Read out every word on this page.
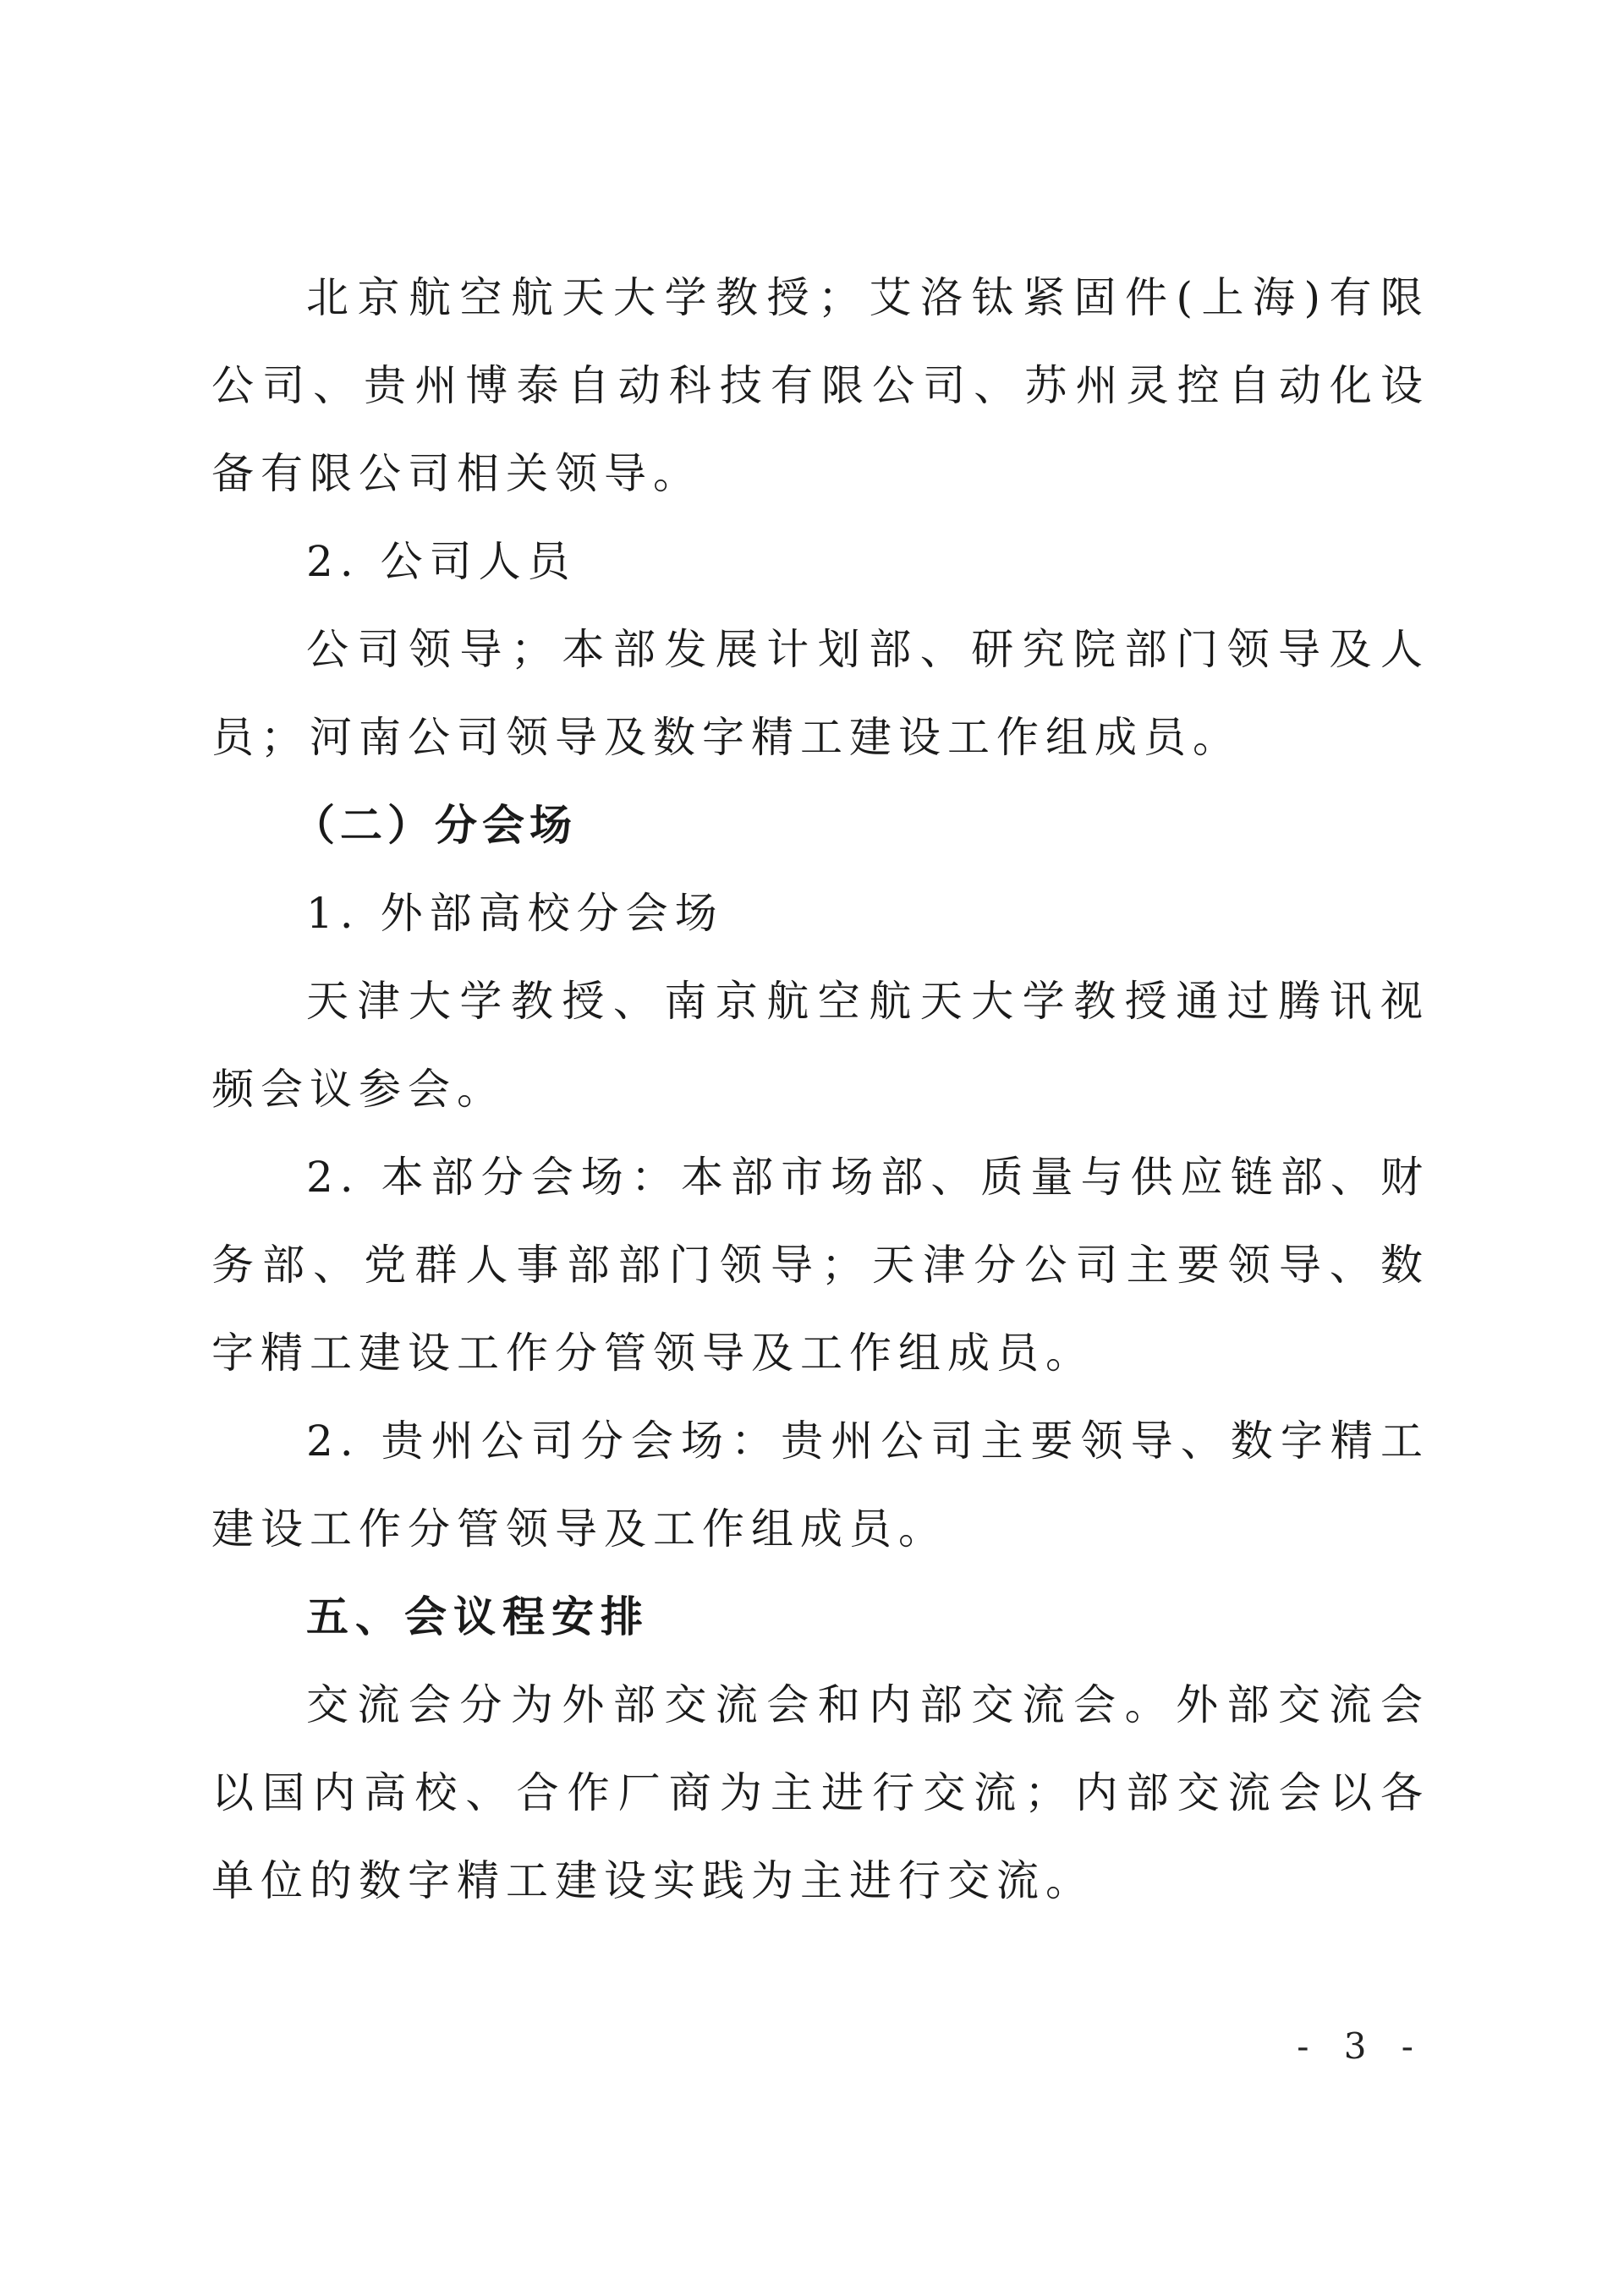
北京航空航天大学教授；艾洛钛紧固件(上海)有限公司、贵州博泰自动科技有限公司、苏州灵控自动化设备有限公司相关领导。

2. 公司人员

公司领导；本部发展计划部、研究院部门领导及人员；河南公司领导及数字精工建设工作组成员。

（二）分会场

1. 外部高校分会场

天津大学教授、南京航空航天大学教授通过腾讯视频会议参会。

2. 本部分会场：本部市场部、质量与供应链部、财务部、党群人事部部门领导；天津分公司主要领导、数字精工建设工作分管领导及工作组成员。

2. 贵州公司分会场：贵州公司主要领导、数字精工建设工作分管领导及工作组成员。

五、会议程安排

交流会分为外部交流会和内部交流会。外部交流会以国内高校、合作厂商为主进行交流；内部交流会以各单位的数字精工建设实践为主进行交流。

- 3 -
